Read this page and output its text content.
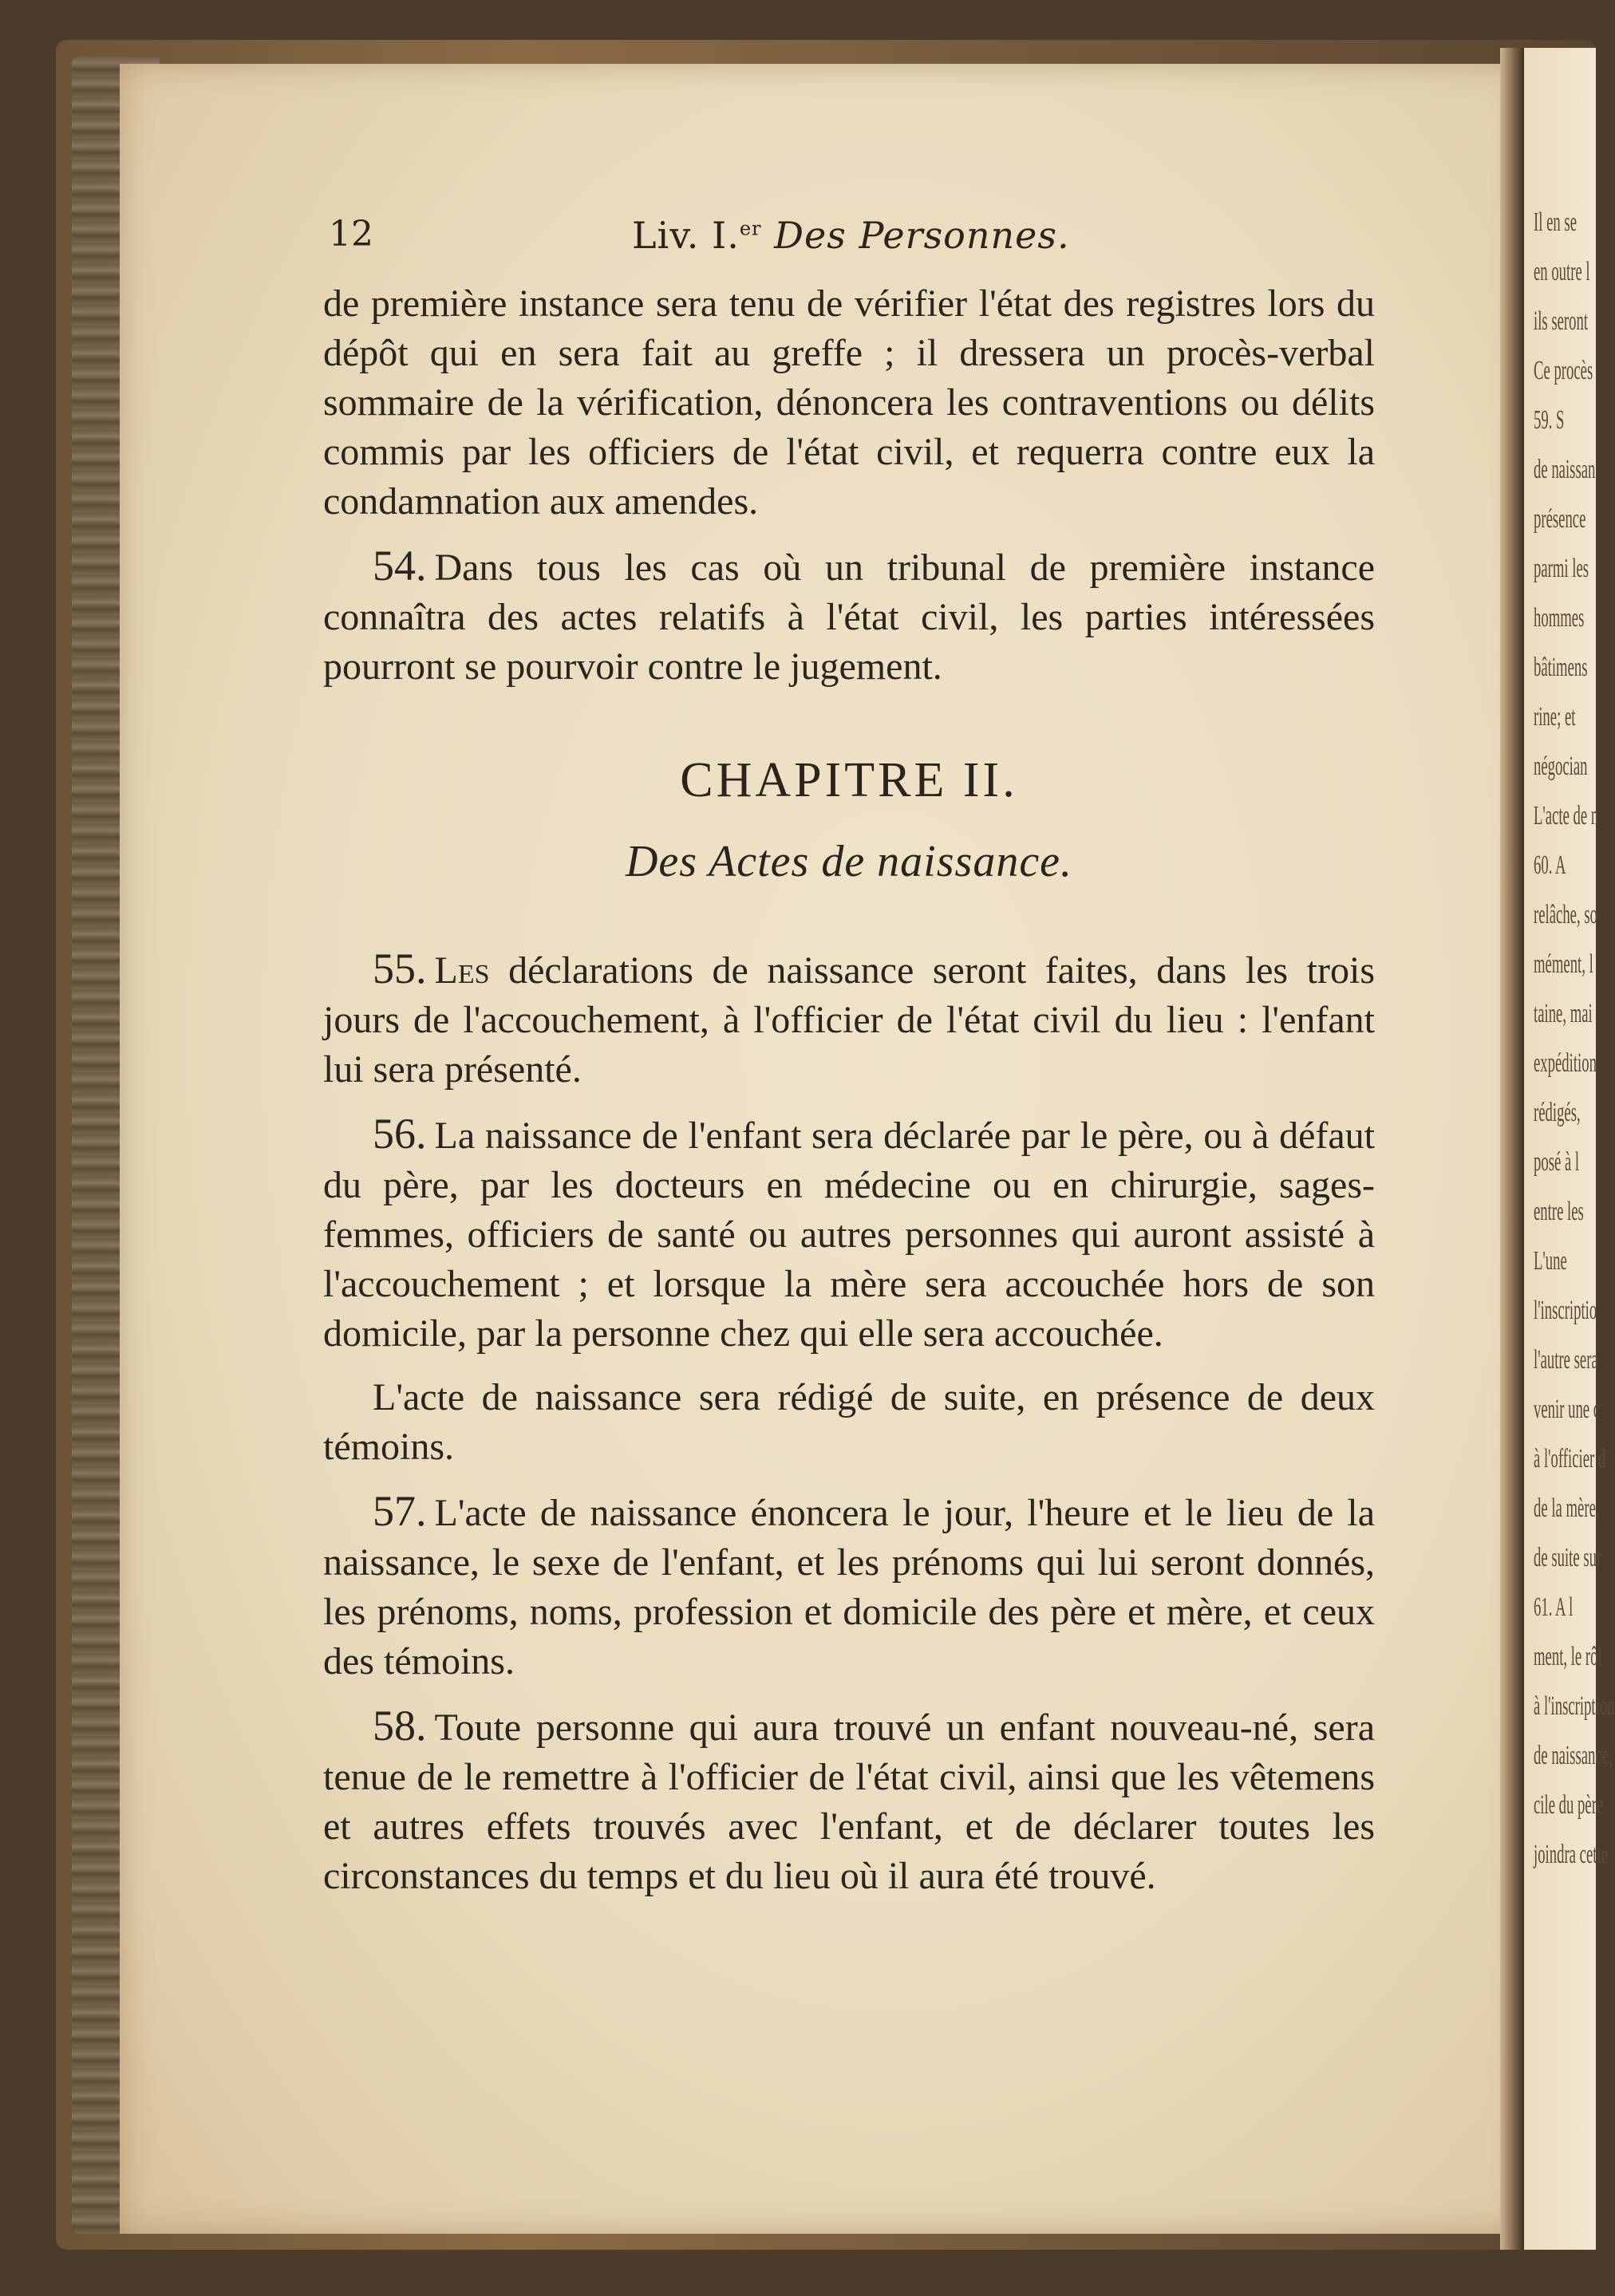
Il en se
en outre l
ils seront
Ce procès
59. S
de naissan
présence
parmi les
hommes
bâtimens
rine; et
négocian
L'acte de n
60. A
relâche, so
mément, l
taine, mai
expédition
rédigés,
posé à l
entre les
L'une
l'inscriptio
l'autre sera
venir une c
à l'officier d
de la mère,
de suite sur
61. A l
ment, le rôl
à l'inscription
de naissance,
cile du père
joindra cette
12	Liv. I.$^{er}$ Des Personnes.

de première instance sera tenu de vérifier l'état des registres lors du dépôt qui en sera fait au greffe ; il dressera un procès-verbal sommaire de la vérification, dénoncera les contraventions ou délits commis par les officiers de l'état civil, et requerra contre eux la condamnation aux amendes.

54. Dans tous les cas où un tribunal de première instance connaîtra des actes relatifs à l'état civil, les parties intéressées pourront se pourvoir contre le jugement.

CHAPITRE II.
Des Actes de naissance.

55. Les déclarations de naissance seront faites, dans les trois jours de l'accouchement, à l'officier de l'état civil du lieu : l'enfant lui sera présenté.

56. La naissance de l'enfant sera déclarée par le père, ou à défaut du père, par les docteurs en médecine ou en chirurgie, sages-femmes, officiers de santé ou autres personnes qui auront assisté à l'accouchement ; et lorsque la mère sera accouchée hors de son domicile, par la personne chez qui elle sera accouchée.

L'acte de naissance sera rédigé de suite, en présence de deux témoins.

57. L'acte de naissance énoncera le jour, l'heure et le lieu de la naissance, le sexe de l'enfant, et les prénoms qui lui seront donnés, les prénoms, noms, profession et domicile des père et mère, et ceux des témoins.

58. Toute personne qui aura trouvé un enfant nouveau-né, sera tenue de le remettre à l'officier de l'état civil, ainsi que les vêtemens et autres effets trouvés avec l'enfant, et de déclarer toutes les circonstances du temps et du lieu où il aura été trouvé.
